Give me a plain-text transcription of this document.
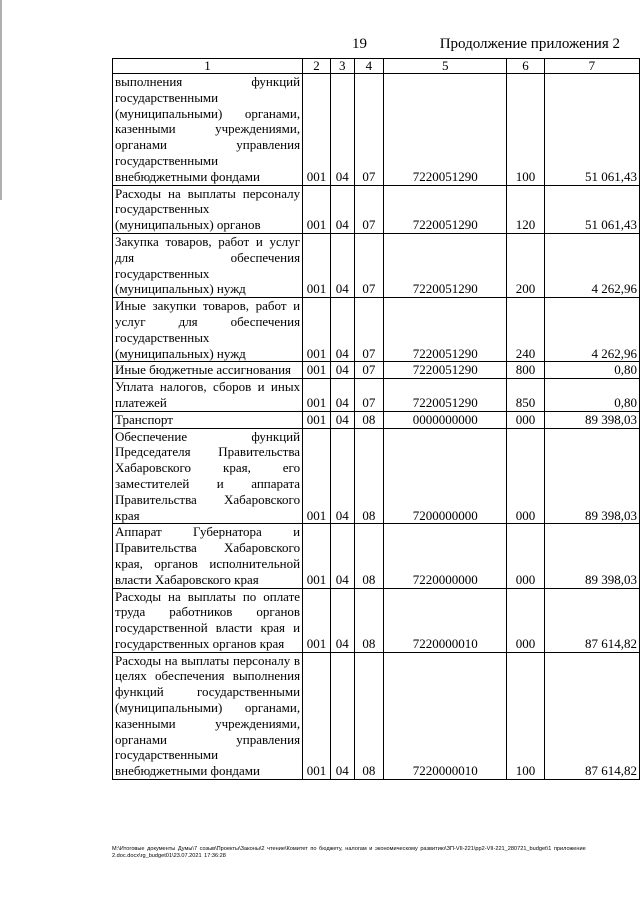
19	Продолжение приложения 2
1	2	3	4	5	6	7
выполнения функций государственными (муниципальными) органами, казенными учреждениями, органами управления государственными внебюджетными фондами	001	04	07	7220051290	100	51 061,43
Расходы на выплаты персоналу государственных (муниципальных) органов	001	04	07	7220051290	120	51 061,43
Закупка товаров, работ и услуг для обеспечения государственных (муниципальных) нужд	001	04	07	7220051290	200	4 262,96
Иные закупки товаров, работ и услуг для обеспечения государственных (муниципальных) нужд	001	04	07	7220051290	240	4 262,96
Иные бюджетные ассигнования	001	04	07	7220051290	800	0,80
Уплата налогов, сборов и иных платежей	001	04	07	7220051290	850	0,80
Транспорт	001	04	08	0000000000	000	89 398,03
Обеспечение функций Председателя Правительства Хабаровского края, его заместителей и аппарата Правительства Хабаровского края	001	04	08	7200000000	000	89 398,03
Аппарат Губернатора и Правительства Хабаровского края, органов исполнительной власти Хабаровского края	001	04	08	7220000000	000	89 398,03
Расходы на выплаты по оплате труда работников органов государственной власти края и государственных органов края	001	04	08	7220000010	000	87 614,82
Расходы на выплаты персоналу в целях обеспечения выполнения функций государственными (муниципальными) органами, казенными учреждениями, органами управления государственными внебюджетными фондами	001	04	08	7220000010	100	87 614,82
M:\Итоговые документы Думы\7 созыв\Проекты\Законы\2 чтение\Комитет по бюджету, налогам и экономическому развитию\ЗП-VII-221\рр2-VII-221_280721_budget\1 приложение 2.doc.docx\rg_budget01\23.07.2021 17:36:28
